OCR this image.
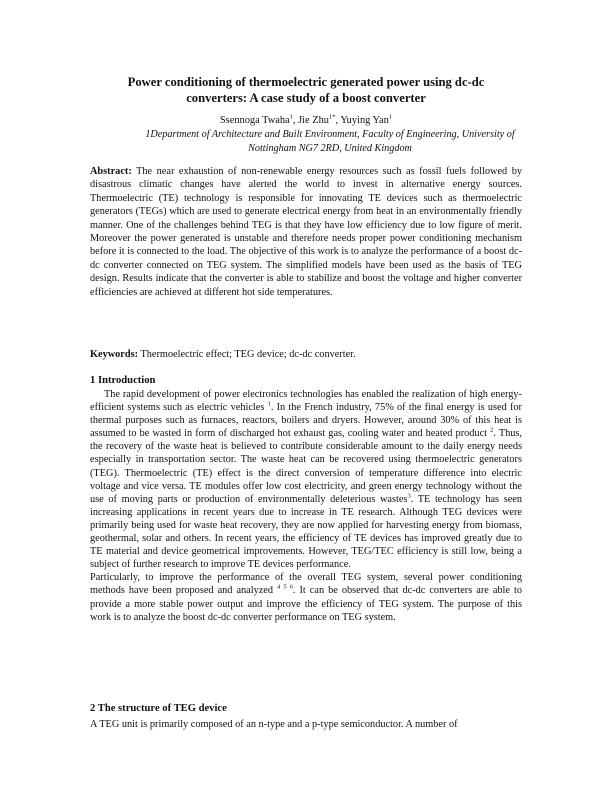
Power conditioning of thermoelectric generated power using dc-dc
converters: A case study of a boost converter
Ssennoga Twaha$^1$, Jie Zhu$^{1*}$, Yuying Yan$^1$
1Department of Architecture and Built Environment, Faculty of Engineering, University of
Nottingham NG7 2RD, United Kingdom
Abstract: The near exhaustion of non-renewable energy resources such as fossil fuels followed by disastrous climatic changes have alerted the world to invest in alternative energy sources. Thermoelectric (TE) technology is responsible for innovating TE devices such as thermoelectric generators (TEGs) which are used to generate electrical energy from heat in an environmentally friendly manner. One of the challenges behind TEG is that they have low efficiency due to low figure of merit. Moreover the power generated is unstable and therefore needs proper power conditioning mechanism before it is connected to the load. The objective of this work is to analyze the performance of a boost dc-dc converter connected on TEG system. The simplified models have been used as the basis of TEG design. Results indicate that the converter is able to stabilize and boost the voltage and higher converter efficiencies are achieved at different hot side temperatures.
Keywords: Thermoelectric effect; TEG device; dc-dc converter.
1 Introduction

The rapid development of power electronics technologies has enabled the realization of high energy-efficient systems such as electric vehicles $^1$. In the French industry, 75% of the final energy is used for thermal purposes such as furnaces, reactors, boilers and dryers. However, around 30% of this heat is assumed to be wasted in form of discharged hot exhaust gas, cooling water and heated product $^2$. Thus, the recovery of the waste heat is believed to contribute considerable amount to the daily energy needs especially in transportation sector. The waste heat can be recovered using thermoelectric generators (TEG). Thermoelectric (TE) effect is the direct conversion of temperature difference into electric voltage and vice versa. TE modules offer low cost electricity, and green energy technology without the use of moving parts or production of environmentally deleterious wastes$^3$. TE technology has seen increasing applications in recent years due to increase in TE research. Although TEG devices were primarily being used for waste heat recovery, they are now applied for harvesting energy from biomass, geothermal, solar and others. In recent years, the efficiency of TE devices has improved greatly due to TE material and device geometrical improvements. However, TEG/TEC efficiency is still low, being a subject of further research to improve TE devices performance.

Particularly, to improve the performance of the overall TEG system, several power conditioning methods have been proposed and analyzed $^{4 5 6}$. It can be observed that dc-dc converters are able to provide a more stable power output and improve the efficiency of TEG system. The purpose of this work is to analyze the boost dc-dc converter performance on TEG system.

2 The structure of TEG device
A TEG unit is primarily composed of an n-type and a p-type semiconductor. A number of
